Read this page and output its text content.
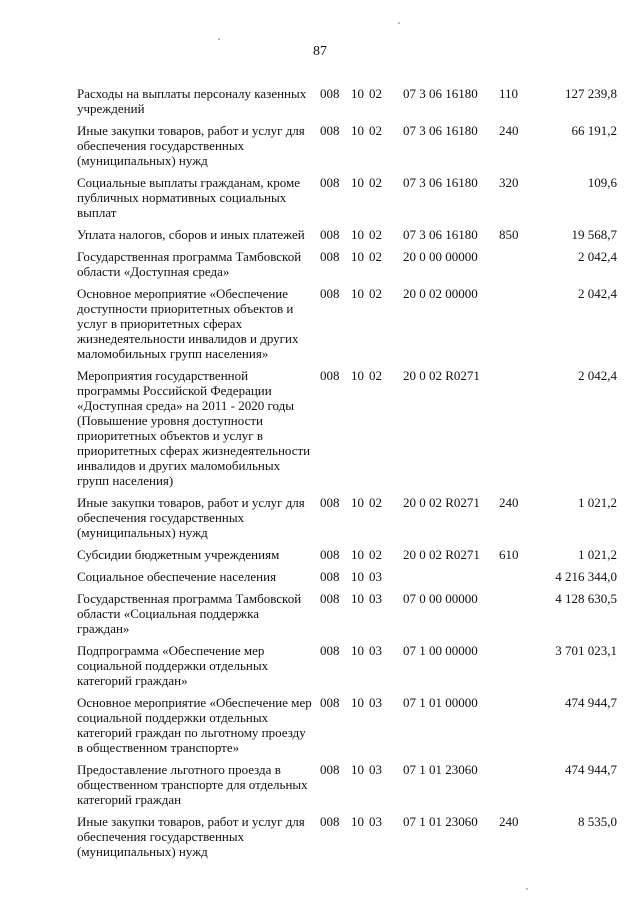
87
Расходы на выплаты персоналу казенных учреждений
008 10 02	07 3 06 16180	110	127 239,8
Иные закупки товаров, работ и услуг для обеспечения государственных (муниципальных) нужд
008 10 02	07 3 06 16180	240	66 191,2
Социальные выплаты гражданам, кроме публичных нормативных социальных выплат
008 10 02	07 3 06 16180	320	109,6
Уплата налогов, сборов и иных платежей	008 10 02	07 3 06 16180	850	19 568,7
Государственная программа Тамбовской области «Доступная среда»
008 10 02	20 0 00 00000	2 042,4
Основное мероприятие «Обеспечение доступности приоритетных объектов и услуг в приоритетных сферах жизнедеятельности инвалидов и других маломобильных групп населения»
008 10 02	20 0 02 00000	2 042,4
Мероприятия государственной программы Российской Федерации «Доступная среда» на 2011 - 2020 годы (Повышение уровня доступности приоритетных объектов и услуг в приоритетных сферах жизнедеятельности инвалидов и других маломобильных групп населения)
008 10 02	20 0 02 R0271	2 042,4
Иные закупки товаров, работ и услуг для обеспечения государственных (муниципальных) нужд
008 10 02	20 0 02 R0271	240	1 021,2
Субсидии бюджетным учреждениям	008 10 02	20 0 02 R0271	610	1 021,2
Социальное обеспечение населения	008 10 03	4 216 344,0
Государственная программа Тамбовской области «Социальная поддержка граждан»
008 10 03	07 0 00 00000	4 128 630,5
Подпрограмма «Обеспечение мер социальной поддержки отдельных категорий граждан»
008 10 03	07 1 00 00000	3 701 023,1
Основное мероприятие «Обеспечение мер социальной поддержки отдельных категорий граждан по льготному проезду в общественном транспорте»
008 10 03	07 1 01 00000	474 944,7
Предоставление льготного проезда в общественном транспорте для отдельных категорий граждан
008 10 03	07 1 01 23060	474 944,7
Иные закупки товаров, работ и услуг для обеспечения государственных (муниципальных) нужд
008 10 03	07 1 01 23060	240	8 535,0
